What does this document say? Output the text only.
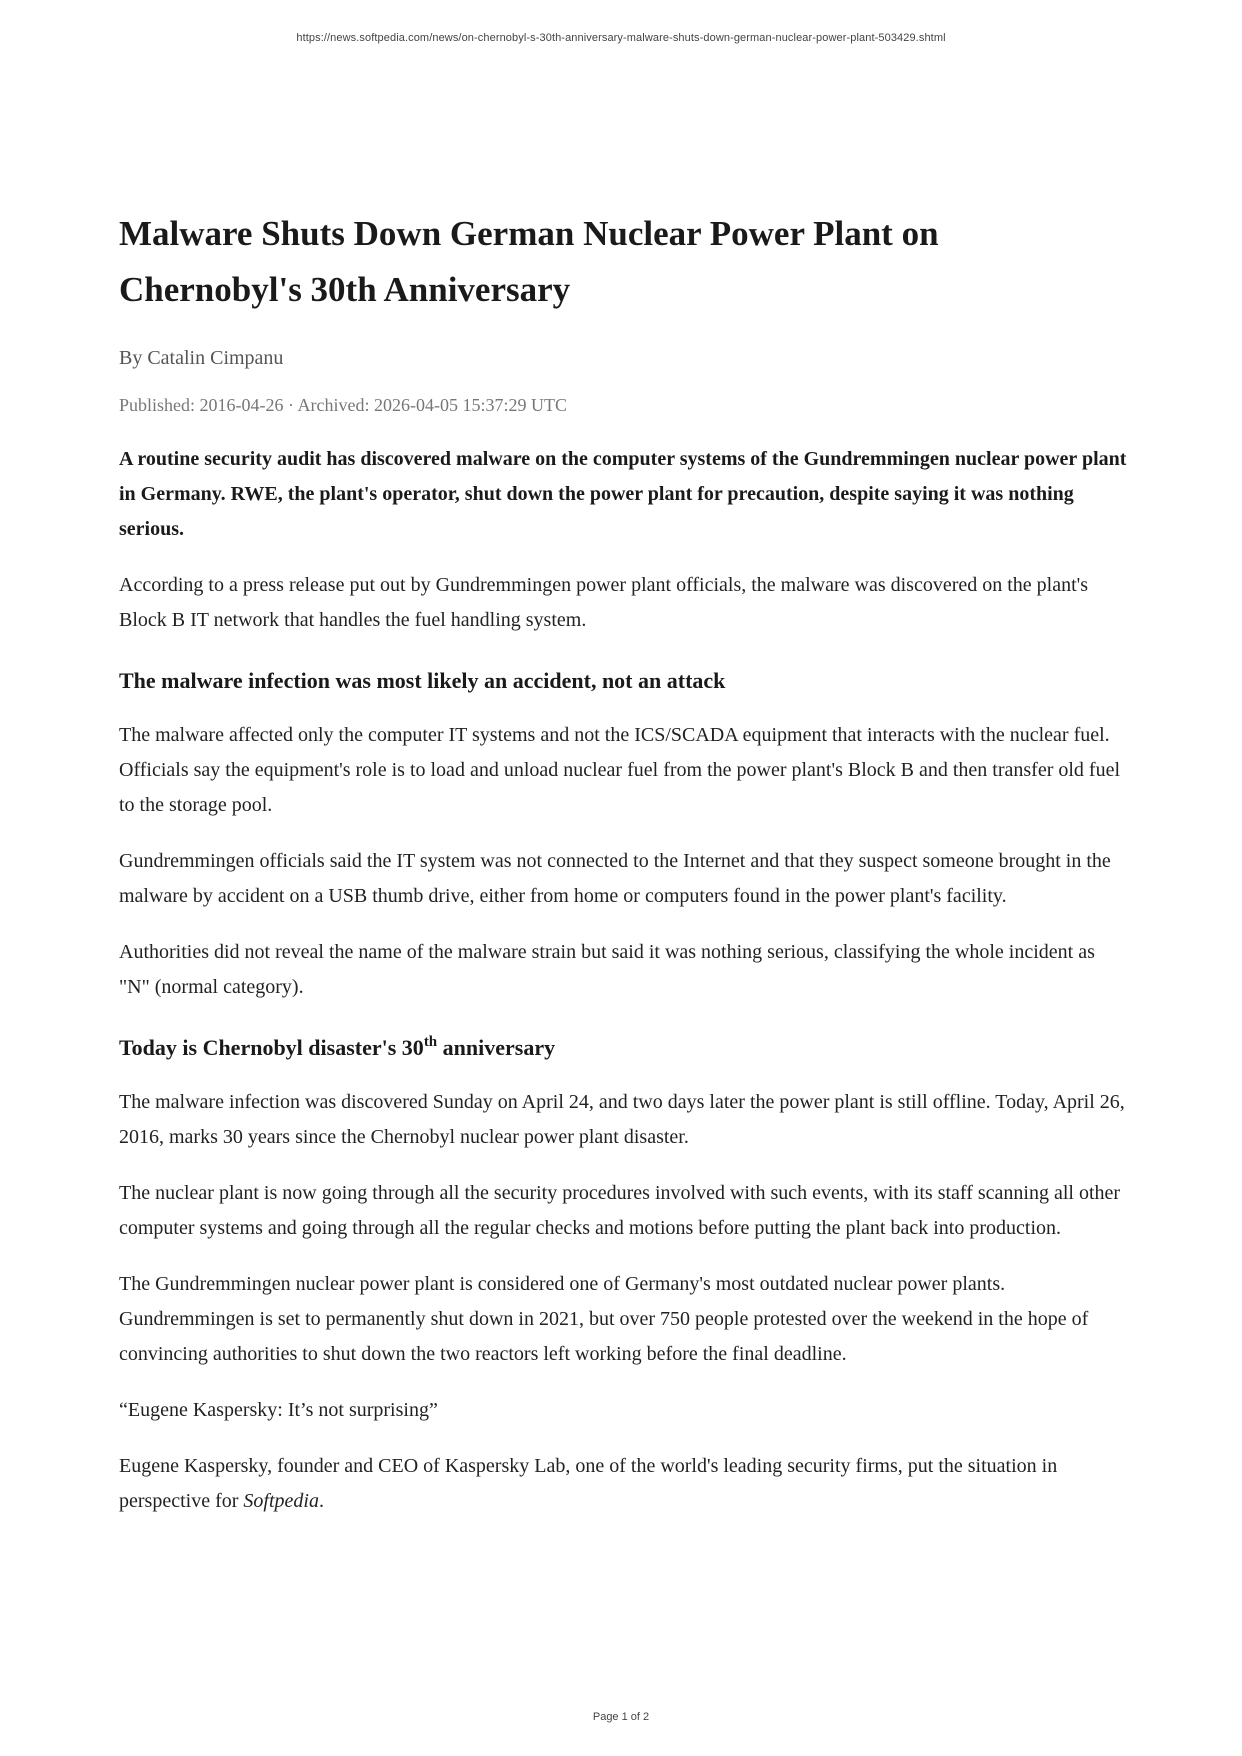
https://news.softpedia.com/news/on-chernobyl-s-30th-anniversary-malware-shuts-down-german-nuclear-power-plant-503429.shtml
Malware Shuts Down German Nuclear Power Plant on Chernobyl's 30th Anniversary
By Catalin Cimpanu
Published: 2016-04-26 · Archived: 2026-04-05 15:37:29 UTC
A routine security audit has discovered malware on the computer systems of the Gundremmingen nuclear power plant in Germany. RWE, the plant's operator, shut down the power plant for precaution, despite saying it was nothing serious.

According to a press release put out by Gundremmingen power plant officials, the malware was discovered on the plant's Block B IT network that handles the fuel handling system.

The malware infection was most likely an accident, not an attack

The malware affected only the computer IT systems and not the ICS/SCADA equipment that interacts with the nuclear fuel. Officials say the equipment's role is to load and unload nuclear fuel from the power plant's Block B and then transfer old fuel to the storage pool.

Gundremmingen officials said the IT system was not connected to the Internet and that they suspect someone brought in the malware by accident on a USB thumb drive, either from home or computers found in the power plant's facility.

Authorities did not reveal the name of the malware strain but said it was nothing serious, classifying the whole incident as "N" (normal category).

Today is Chernobyl disaster's 30th anniversary

The malware infection was discovered Sunday on April 24, and two days later the power plant is still offline. Today, April 26, 2016, marks 30 years since the Chernobyl nuclear power plant disaster.

The nuclear plant is now going through all the security procedures involved with such events, with its staff scanning all other computer systems and going through all the regular checks and motions before putting the plant back into production.

The Gundremmingen nuclear power plant is considered one of Germany's most outdated nuclear power plants. Gundremmingen is set to permanently shut down in 2021, but over 750 people protested over the weekend in the hope of convincing authorities to shut down the two reactors left working before the final deadline.

“Eugene Kaspersky: It’s not surprising”

Eugene Kaspersky, founder and CEO of Kaspersky Lab, one of the world's leading security firms, put the situation in perspective for Softpedia.

Page 1 of 2
